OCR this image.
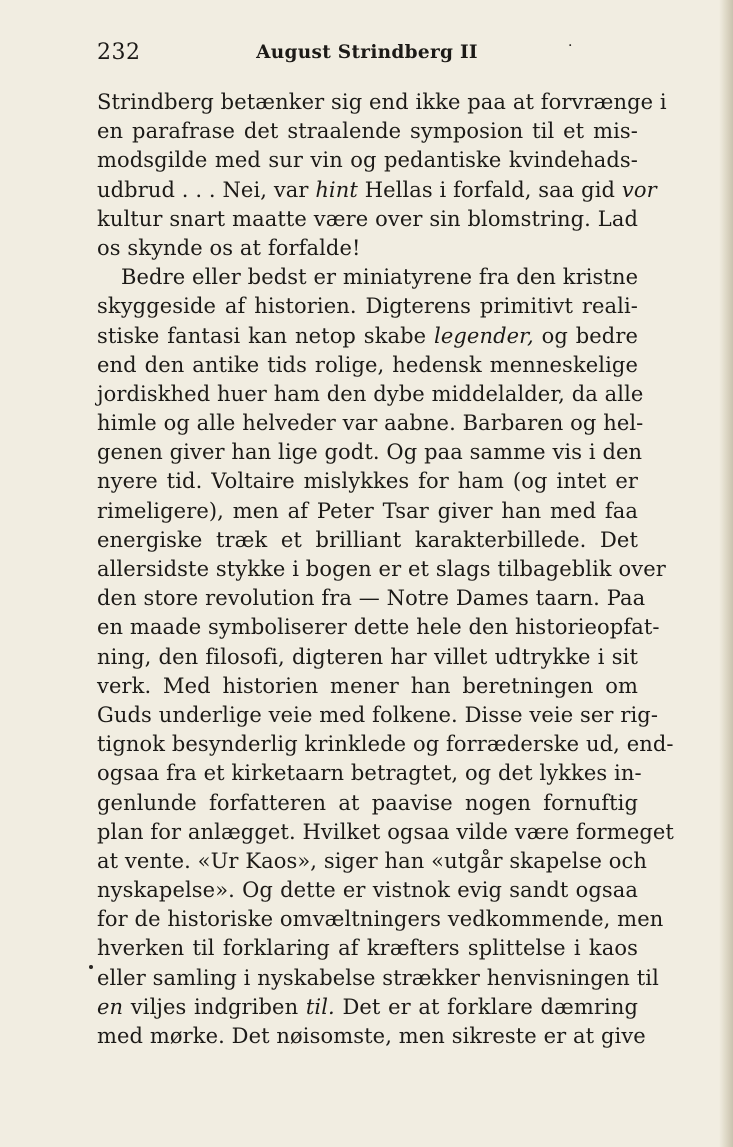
232	August Strindberg II	·
Strindberg betænker sig end ikke paa at forvrænge i
en parafrase det straalende symposion til et mis-
modsgilde med sur vin og pedantiske kvindehads-
udbrud . . . Nei, var hint Hellas i forfald, saa gid vor
kultur snart maatte være over sin blomstring. Lad
os skynde os at forfalde!
Bedre eller bedst er miniatyrene fra den kristne
skyggeside af historien. Digterens primitivt reali-
stiske fantasi kan netop skabe legender, og bedre
end den antike tids rolige, hedensk menneskelige
jordiskhed huer ham den dybe middelalder, da alle
himle og alle helveder var aabne. Barbaren og hel-
genen giver han lige godt. Og paa samme vis i den
nyere tid. Voltaire mislykkes for ham (og intet er
rimeligere), men af Peter Tsar giver han med faa
energiske træk et brilliant karakterbillede. Det
allersidste stykke i bogen er et slags tilbageblik over
den store revolution fra — Notre Dames taarn. Paa
en maade symboliserer dette hele den historieopfat-
ning, den filosofi, digteren har villet udtrykke i sit
verk. Med historien mener han beretningen om
Guds underlige veie med folkene. Disse veie ser rig-
tignok besynderlig krinklede og forræderske ud, end-
ogsaa fra et kirketaarn betragtet, og det lykkes in-
genlunde forfatteren at paavise nogen fornuftig
plan for anlægget. Hvilket ogsaa vilde være formeget
at vente. «Ur Kaos», siger han «utgår skapelse och
nyskapelse». Og dette er vistnok evig sandt ogsaa
for de historiske omvæltningers vedkommende, men
hverken til forklaring af kræfters splittelse i kaos
eller samling i nyskabelse strækker henvisningen til
en viljes indgriben til. Det er at forklare dæmring
med mørke. Det nøisomste, men sikreste er at give
